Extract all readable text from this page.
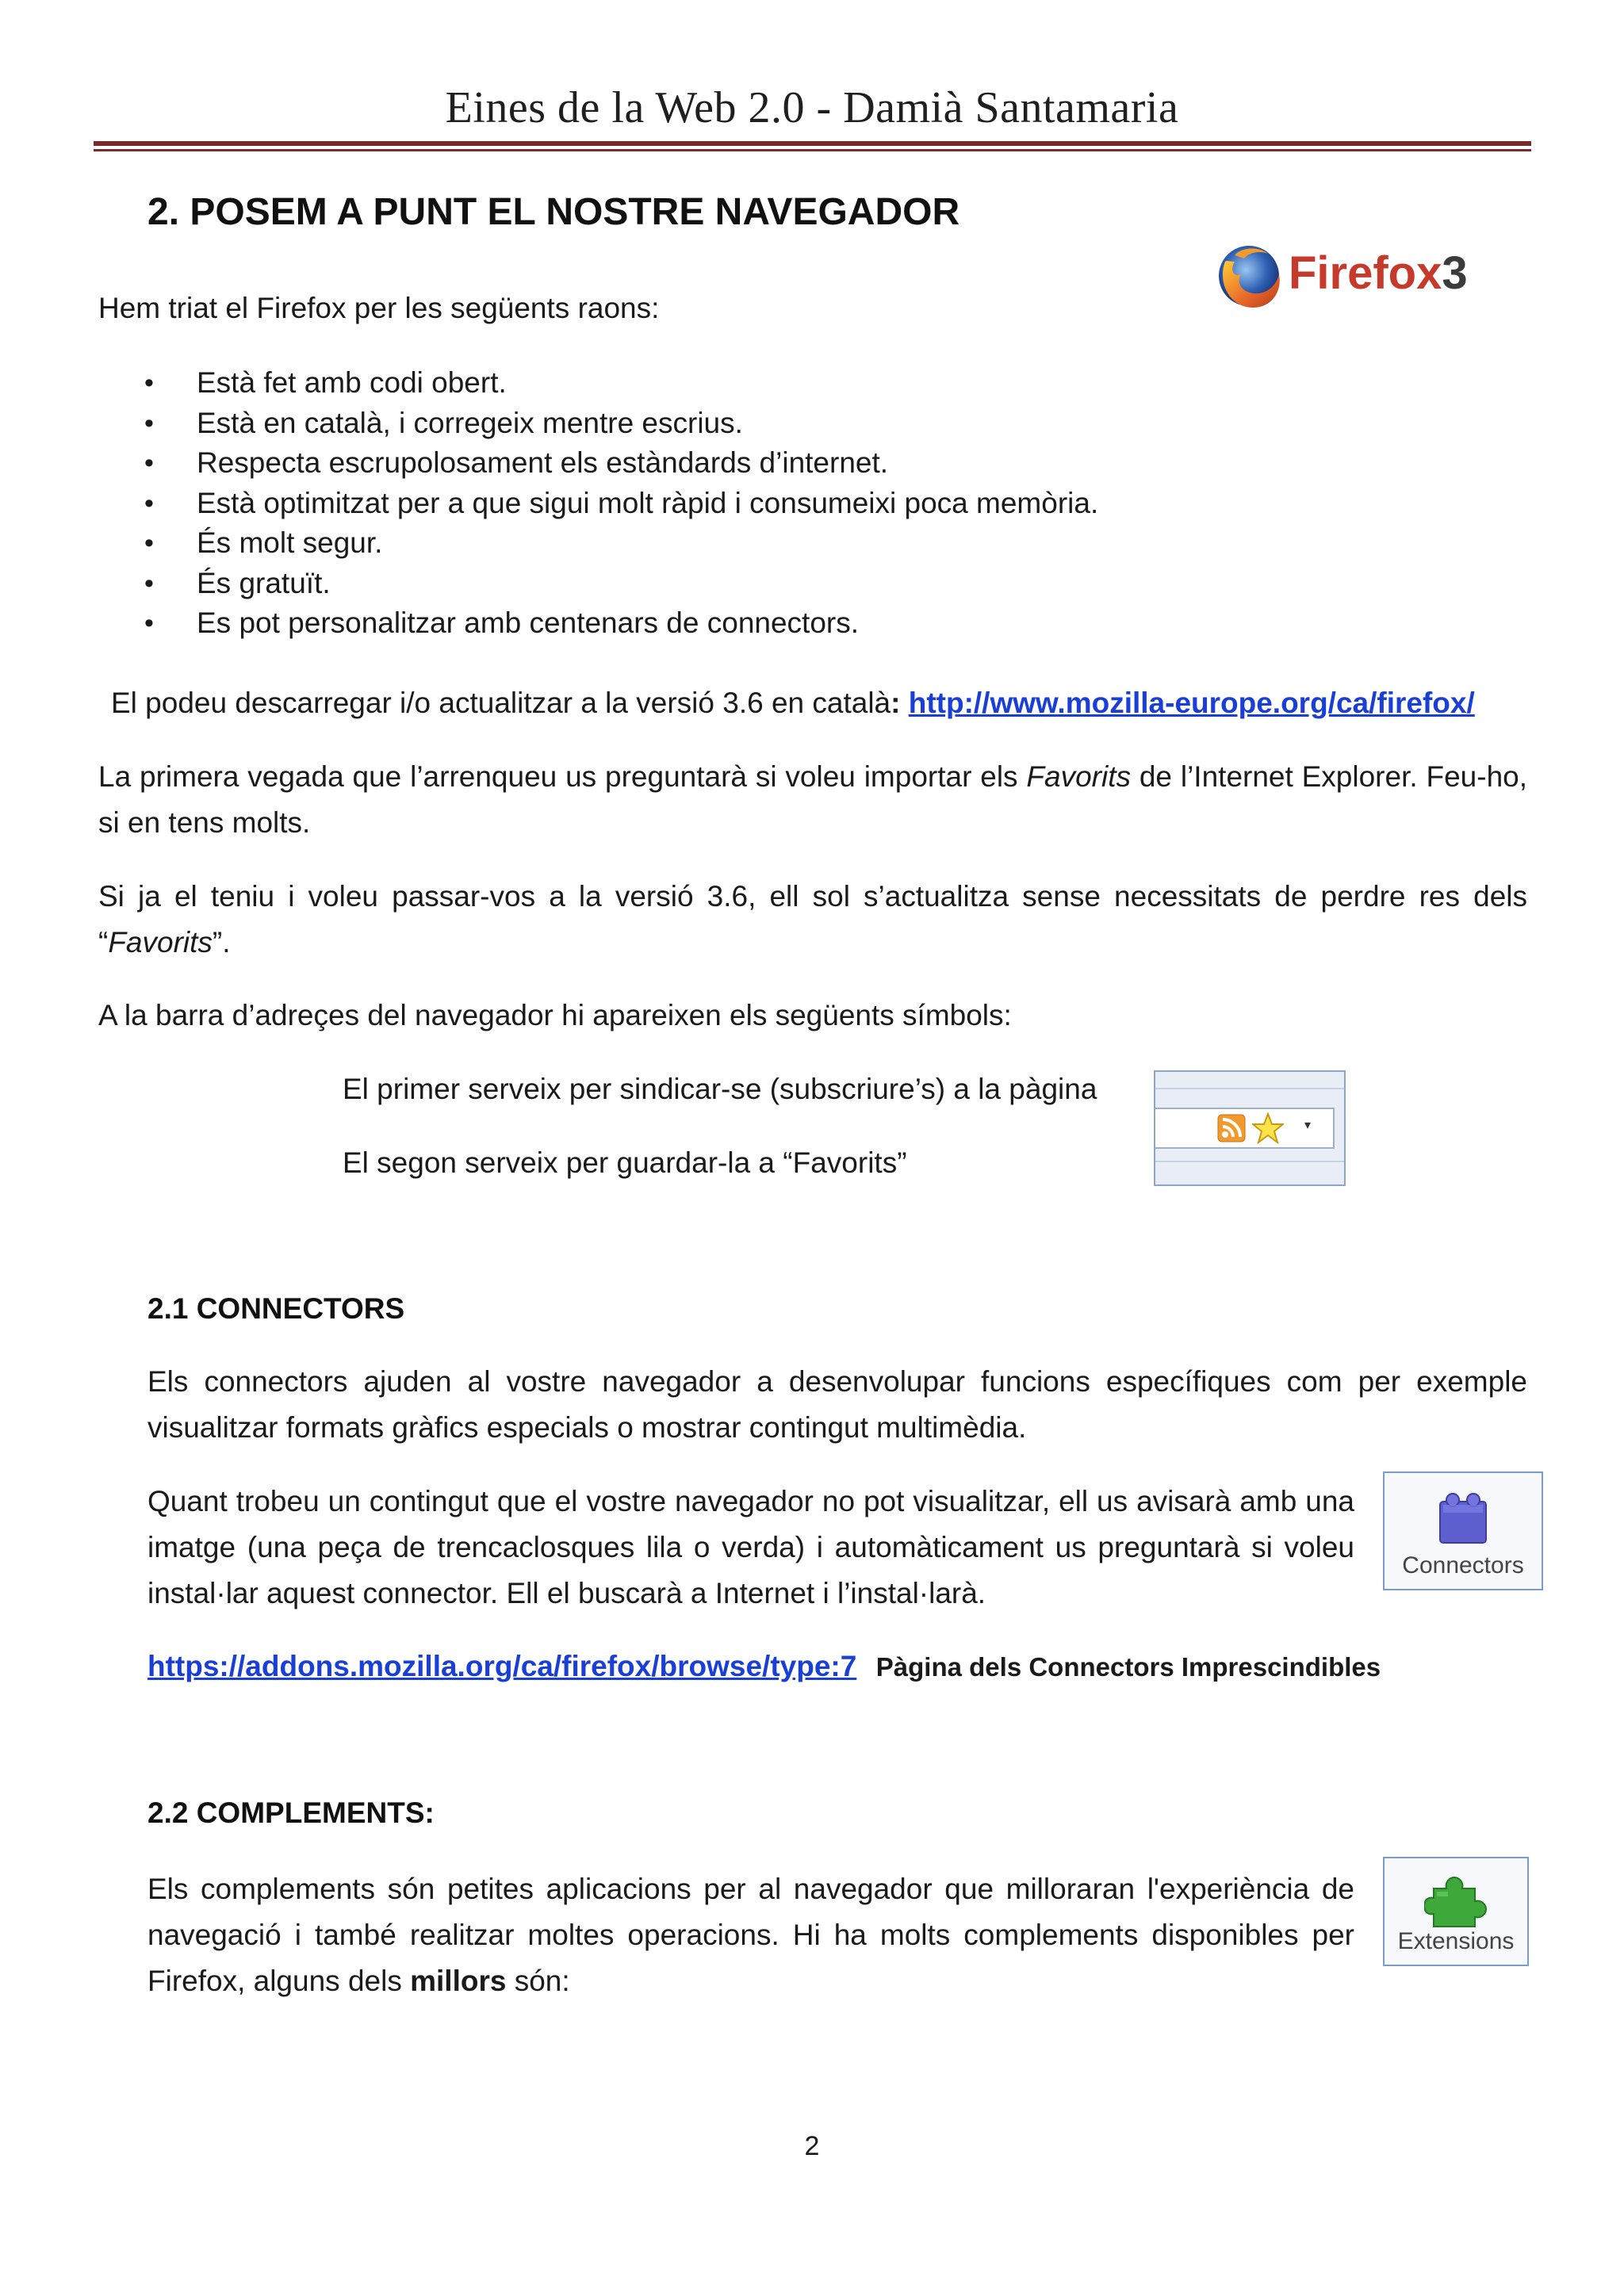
Eines de la Web 2.0 - Damià Santamaria
2. POSEM A PUNT EL NOSTRE NAVEGADOR
Firefox3
Hem triat el Firefox per les següents raons:
• Està fet amb codi obert.
• Està en català, i corregeix mentre escrius.
• Respecta escrupolosament els estàndards d’internet.
• Està optimitzat per a que sigui molt ràpid i consumeixi poca memòria.
• És molt segur.
• És gratuït.
• Es pot personalitzar amb centenars de connectors.
El podeu descarregar i/o actualitzar a la versió 3.6 en català: http://www.mozilla-europe.org/ca/firefox/
La primera vegada que l’arrenqueu us preguntarà si voleu importar els Favorits de l’Internet Explorer. Feu-ho, si en tens molts.
Si ja el teniu i voleu passar-vos a la versió 3.6, ell sol s’actualitza sense necessitats de perdre res dels “Favorits”.
A la barra d’adreçes del navegador hi apareixen els següents símbols:
El primer serveix per sindicar-se (subscriure’s) a la pàgina
El segon serveix per guardar-la a “Favorits”
▾
2.1 CONNECTORS
Els connectors ajuden al vostre navegador a desenvolupar funcions específiques com per exemple visualitzar formats gràfics especials o mostrar contingut multimèdia.
Quant trobeu un contingut que el vostre navegador no pot visualitzar, ell us avisarà amb una imatge (una peça de trencaclosques lila o verda) i automàticament us preguntarà si voleu instal·lar aquest connector. Ell el buscarà a Internet i l’instal·larà.
Connectors
https://addons.mozilla.org/ca/firefox/browse/type:7 Pàgina dels Connectors Imprescindibles
2.2 COMPLEMENTS:
Els complements són petites aplicacions per al navegador que milloraran l'experiència de navegació i també realitzar moltes operacions. Hi ha molts complements disponibles per Firefox, alguns dels millors són:
Extensions
2
